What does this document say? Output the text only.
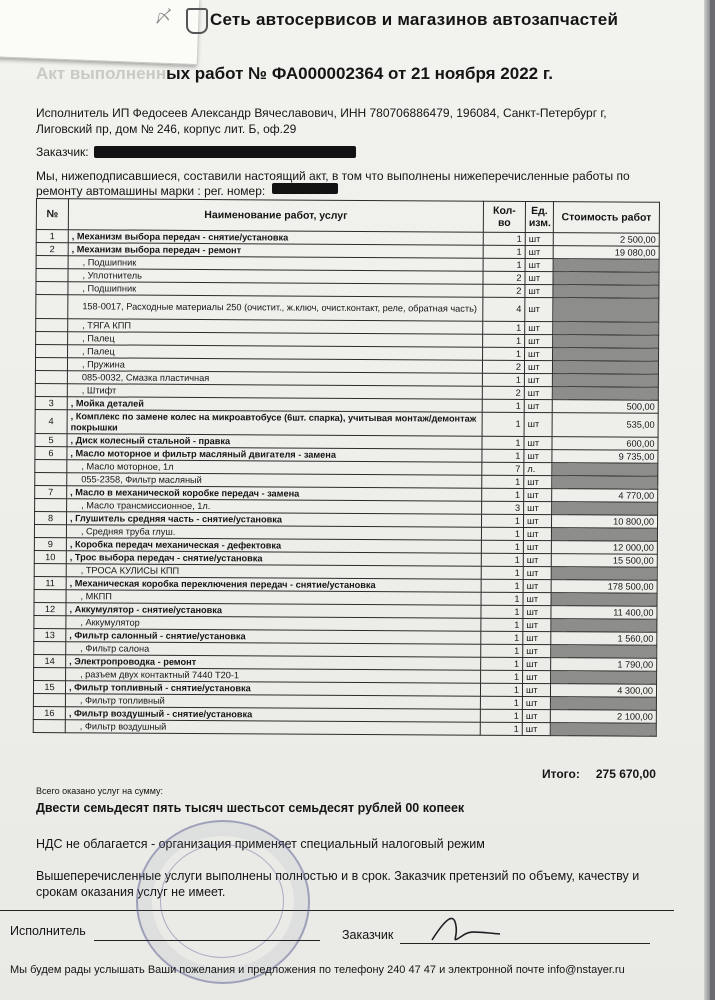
〆 Сеть автосервисов и магазинов автозапчастей
Акт выполненных работ № ФА000002364 от 21 ноября 2022 г.
Исполнитель ИП Федосеев Александр Вячеславович, ИНН 780706886479, 196084, Санкт-Петербург г,
Лиговский пр, дом № 246, корпус лит. Б, оф.29
Заказчик:
Мы, нижеподписавшиеся, составили настоящий акт, в том что выполнены нижеперечисленные работы по
ремонту автомашины марки : рег. номер:
№	Наименование работ, услуг	Кол-во	Ед. изм.	Стоимость работ
1	, Механизм выбора передач - снятие/установка	1	шт	2 500,00
2	, Механизм выбора передач - ремонт	1	шт	19 080,00
	, Подшипник	1	шт	
	, Уплотнитель	2	шт	
	, Подшипник	2	шт	
	158-0017, Расходные материалы 250 (очистит., ж.ключ, очист.контакт, реле, обратная часть)	4	шт	
	, ТЯГА КПП	1	шт	
	, Палец	1	шт	
	, Палец	1	шт	
	, Пружина	2	шт	
	085-0032, Смазка пластичная	1	шт	
	, Штифт	2	шт	
3	, Мойка деталей	1	шт	500,00
4	, Комплекс по замене колес на микроавтобусе (6шт. спарка), учитывая монтаж/демонтаж покрышки	1	шт	535,00
5	, Диск колесный стальной - правка	1	шт	600,00
6	, Масло моторное и фильтр масляный двигателя - замена	1	шт	9 735,00
	, Масло моторное, 1л	7	л.	
	055-2358, Фильтр масляный	1	шт	
7	, Масло в механической коробке передач - замена	1	шт	4 770,00
	, Масло трансмиссионное, 1л.	3	шт	
8	, Глушитель средняя часть - снятие/установка	1	шт	10 800,00
	, Средняя труба глуш.	1	шт	
9	, Коробка передач механическая - дефектовка	1	шт	12 000,00
10	, Трос выбора передач - снятие/установка	1	шт	15 500,00
	, ТРОСА КУЛИСЫ КПП	1	шт	
11	, Механическая коробка переключения передач - снятие/установка	1	шт	178 500,00
	, МКПП	1	шт	
12	, Аккумулятор - снятие/установка	1	шт	11 400,00
	, Аккумулятор	1	шт	
13	, Фильтр салонный - снятие/установка	1	шт	1 560,00
	, Фильтр салона	1	шт	
14	, Электропроводка - ремонт	1	шт	1 790,00
	, разъем двух контактный 7440 Т20-1	1	шт	
15	, Фильтр топливный - снятие/установка	1	шт	4 300,00
	, Фильтр топливный	1	шт	
16	, Фильтр воздушный - снятие/установка	1	шт	2 100,00
	, Фильтр воздушный	1	шт	
Итого: 275 670,00
Всего оказано услуг на сумму:
Двести семьдесят пять тысяч шестьсот семьдесят рублей 00 копеек
НДС не облагается - организация применяет специальный налоговый режим
Вышеперечисленные услуги выполнены полностью и в срок. Заказчик претензий по объему, качеству и
срокам оказания услуг не имеет.
Исполнитель	Заказчик
Мы будем рады услышать Ваши пожелания и предложения по телефону 240 47 47 и электронной почте info@nstayer.ru
